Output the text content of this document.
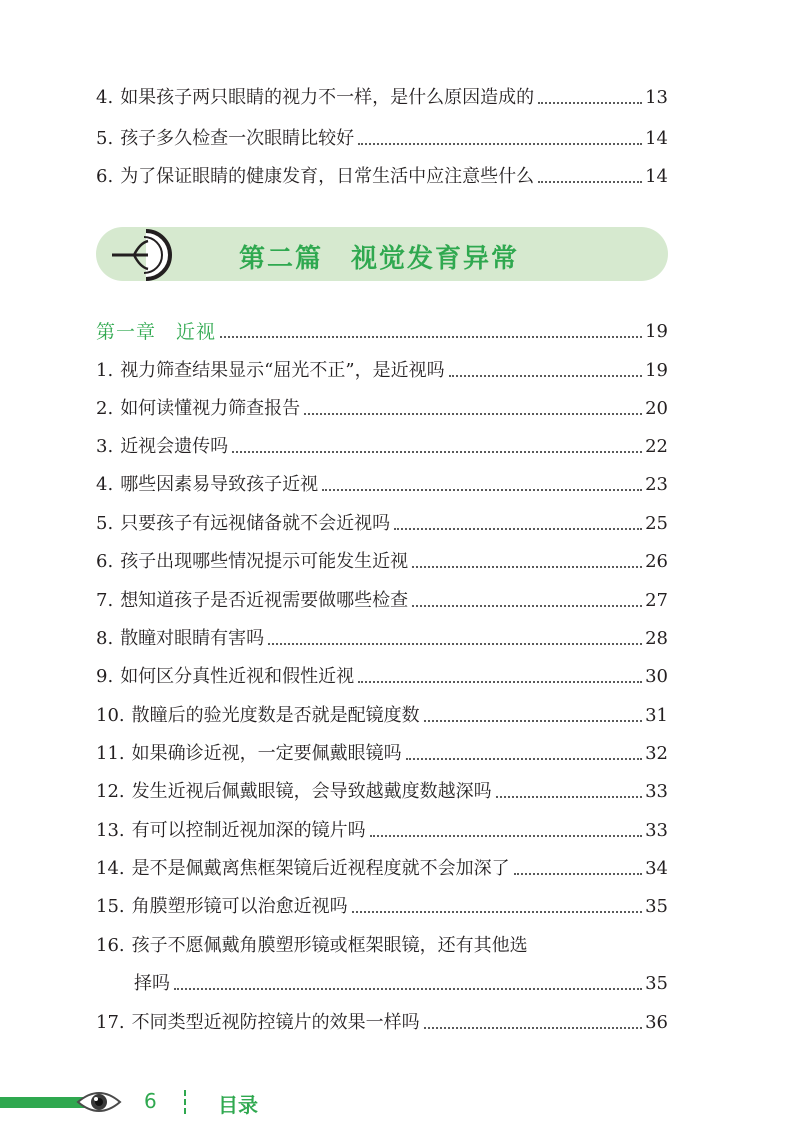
4. 如果孩子两只眼睛的视力不一样，是什么原因造成的	13
5. 孩子多久检查一次眼睛比较好	14
6. 为了保证眼睛的健康发育，日常生活中应注意些什么	14
第二篇 视觉发育异常
第一章 近视	19
1. 视力筛查结果显示“屈光不正”，是近视吗	19
2. 如何读懂视力筛查报告	20
3. 近视会遗传吗	22
4. 哪些因素易导致孩子近视	23
5. 只要孩子有远视储备就不会近视吗	25
6. 孩子出现哪些情况提示可能发生近视	26
7. 想知道孩子是否近视需要做哪些检查	27
8. 散瞳对眼睛有害吗	28
9. 如何区分真性近视和假性近视	30
10. 散瞳后的验光度数是否就是配镜度数	31
11. 如果确诊近视，一定要佩戴眼镜吗	32
12. 发生近视后佩戴眼镜，会导致越戴度数越深吗	33
13. 有可以控制近视加深的镜片吗	33
14. 是不是佩戴离焦框架镜后近视程度就不会加深了	34
15. 角膜塑形镜可以治愈近视吗	35
16. 孩子不愿佩戴角膜塑形镜或框架眼镜，还有其他选
择吗	35
17. 不同类型近视防控镜片的效果一样吗	36
6	目录
